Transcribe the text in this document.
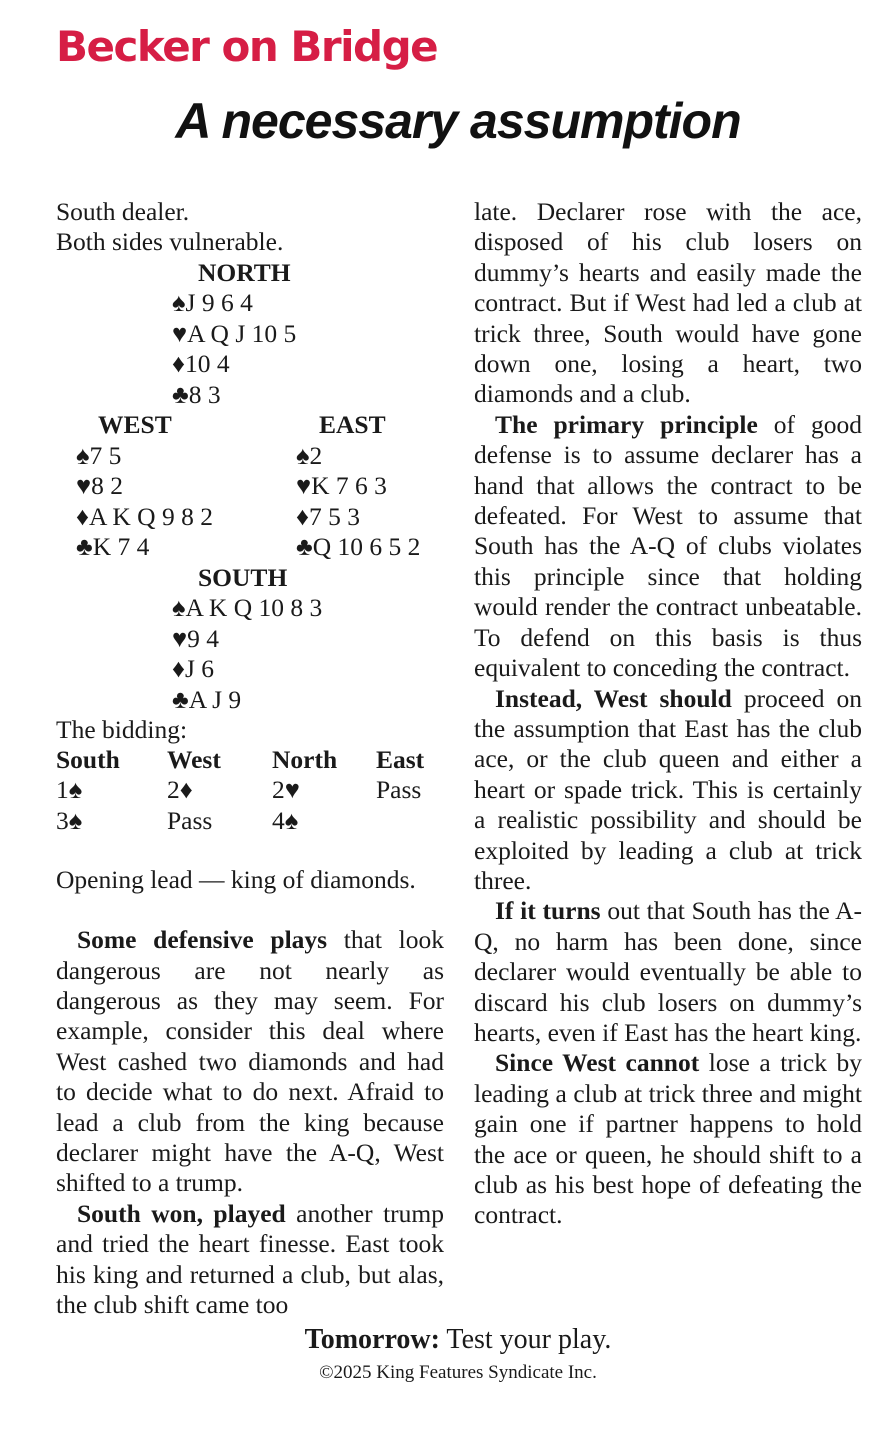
Becker on Bridge
A necessary assumption
South dealer.
Both sides vulnerable.
NORTH
♠J 9 6 4
♥A Q J 10 5
♦10 4
♣8 3
WEST
♠7 5
♥8 2
♦A K Q 9 8 2
♣K 7 4
EAST
♠2
♥K 7 6 3
♦7 5 3
♣Q 10 6 5 2
SOUTH
♠A K Q 10 8 3
♥9 4
♦J 6
♣A J 9
The bidding:
South	West	North	East
1♠	2♦	2♥	Pass
3♠	Pass	4♠
Opening lead — king of diamonds.

Some defensive plays that look dangerous are not nearly as dangerous as they may seem. For example, consider this deal where West cashed two diamonds and had to decide what to do next. Afraid to lead a club from the king because declarer might have the A-Q, West shifted to a trump.

South won, played another trump and tried the heart finesse. East took his king and returned a club, but alas, the club shift came too

late. Declarer rose with the ace, disposed of his club losers on dummy’s hearts and easily made the contract. But if West had led a club at trick three, South would have gone down one, losing a heart, two diamonds and a club.

The primary principle of good defense is to assume declarer has a hand that allows the contract to be defeated. For West to assume that South has the A-Q of clubs violates this principle since that holding would render the contract unbeatable. To defend on this basis is thus equivalent to conceding the contract.

Instead, West should proceed on the assumption that East has the club ace, or the club queen and either a heart or spade trick. This is certainly a realistic possibility and should be exploited by leading a club at trick three.

If it turns out that South has the A-Q, no harm has been done, since declarer would eventually be able to discard his club losers on dummy’s hearts, even if East has the heart king.

Since West cannot lose a trick by leading a club at trick three and might gain one if partner happens to hold the ace or queen, he should shift to a club as his best hope of defeating the contract.

Tomorrow: Test your play.
©2025 King Features Syndicate Inc.
